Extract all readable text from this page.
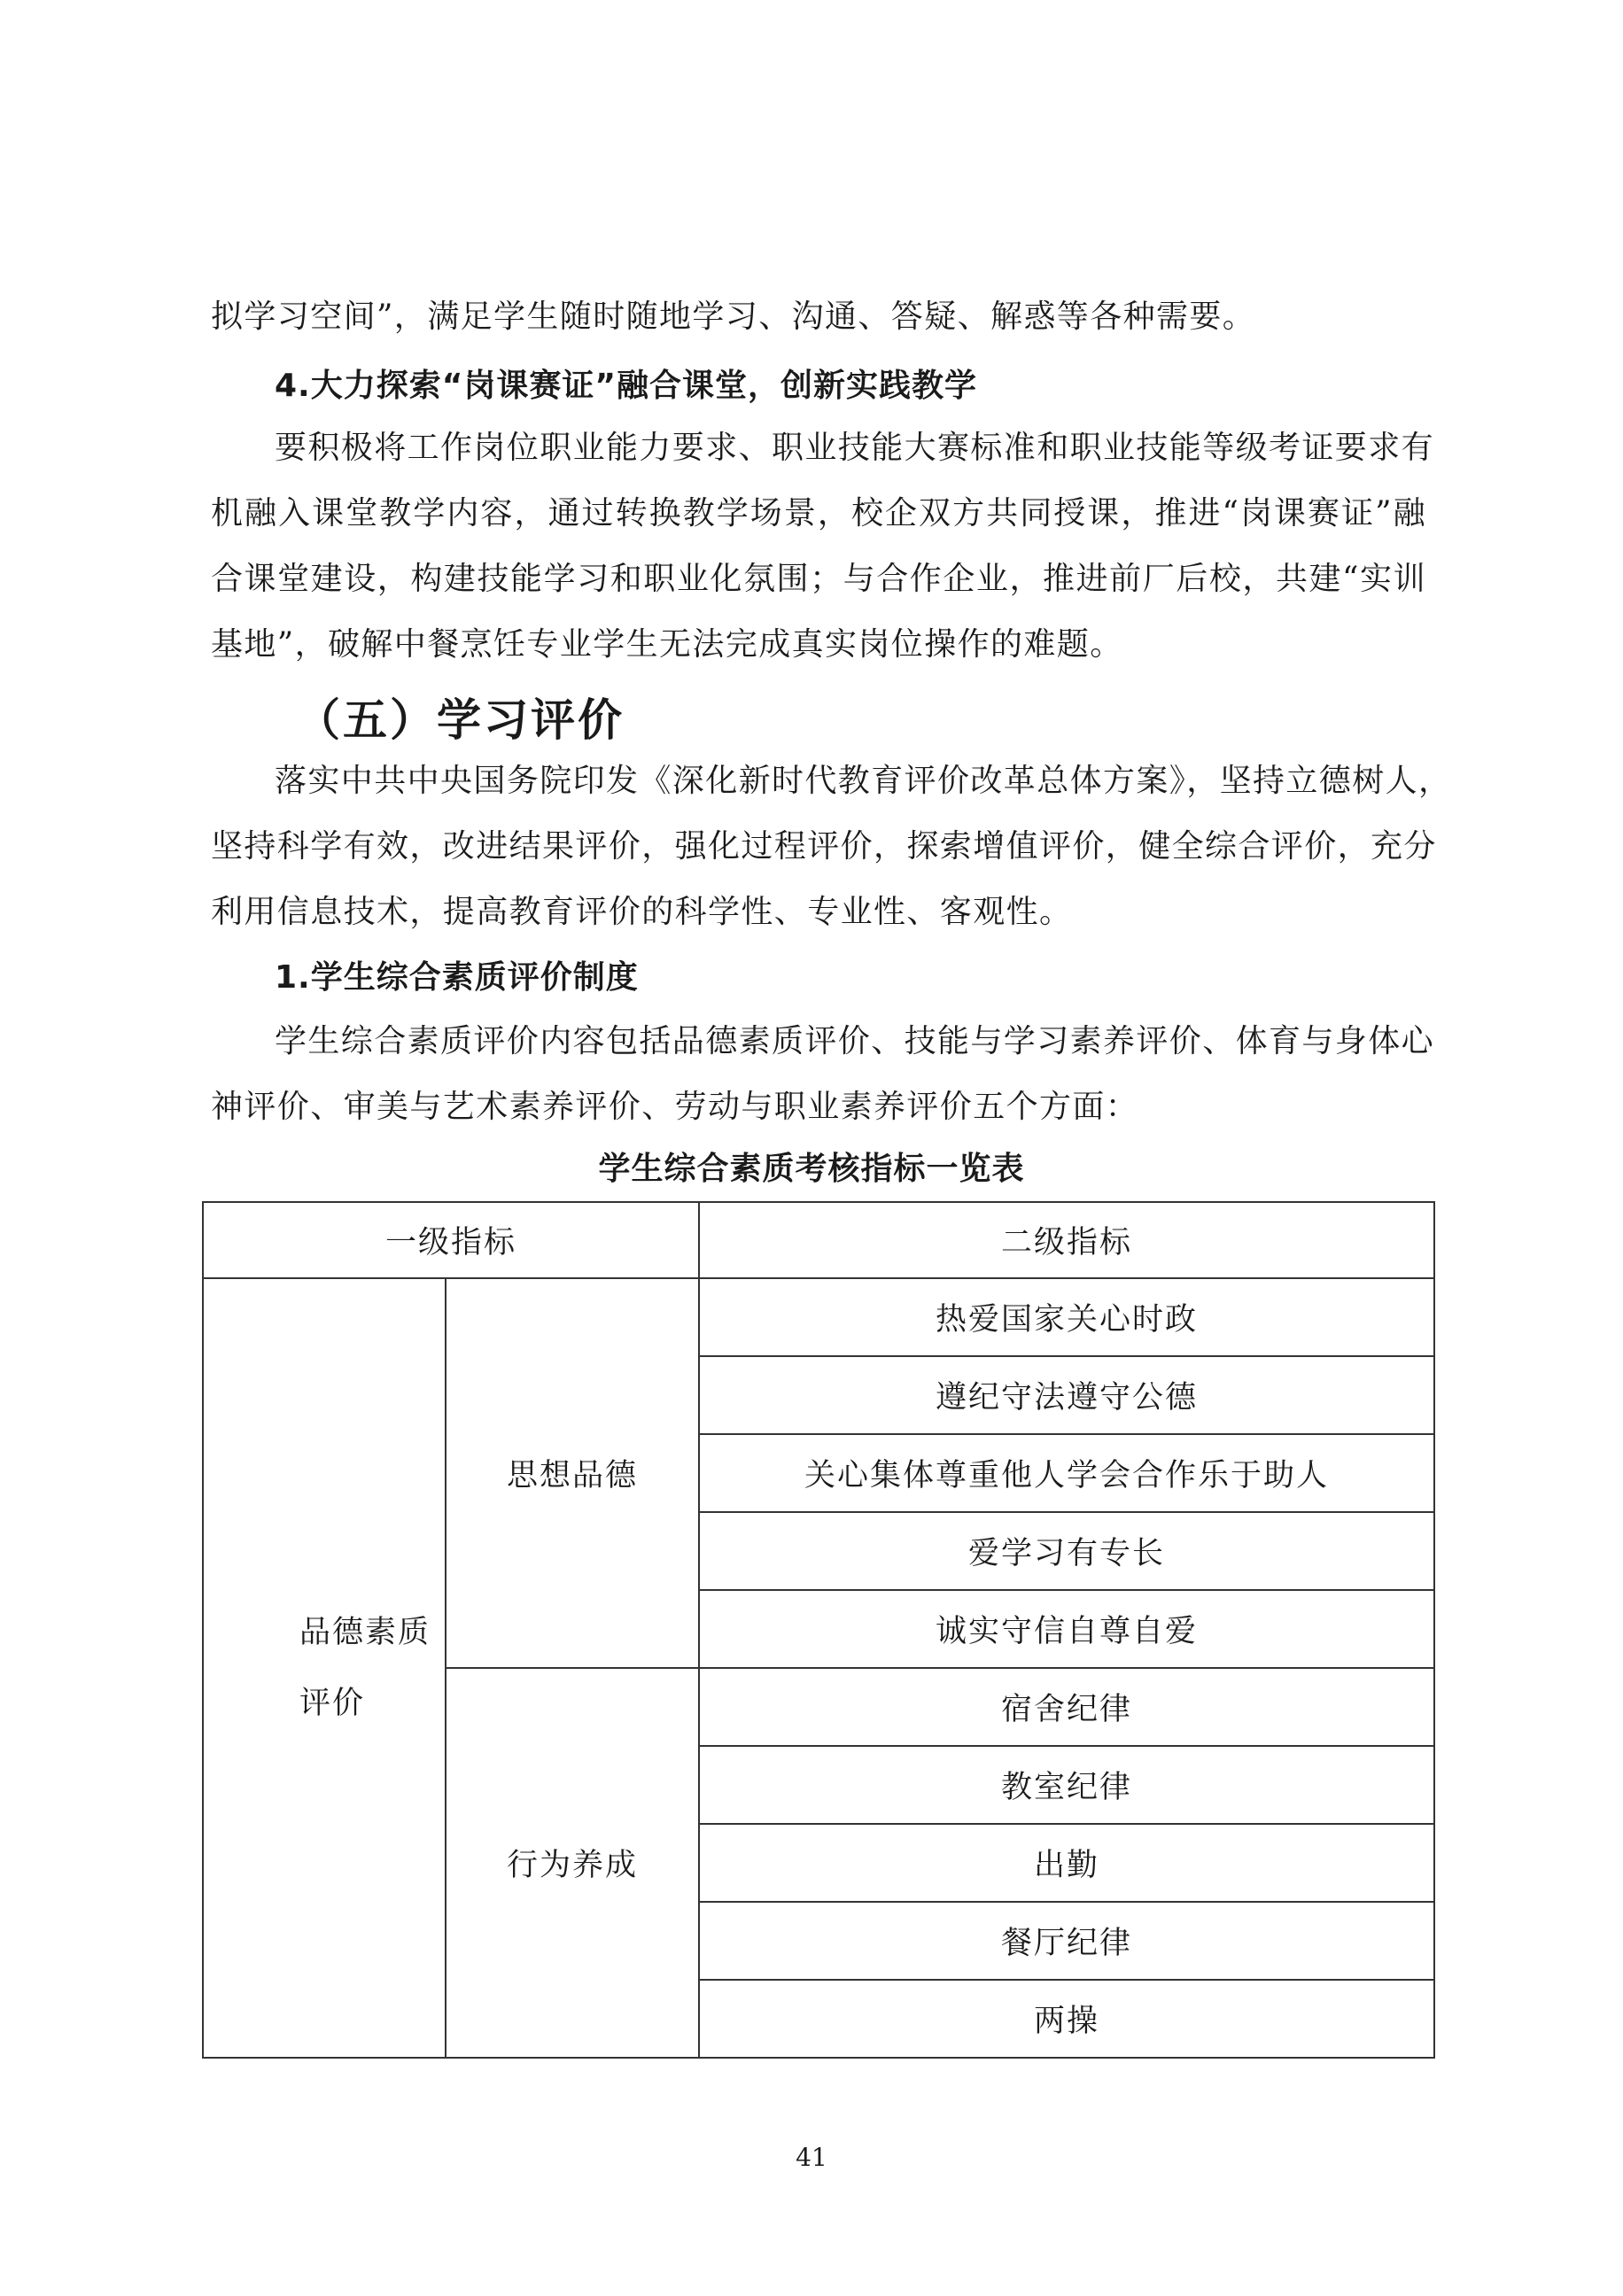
拟学习空间”，满足学生随时随地学习、沟通、答疑、解惑等各种需要。
4.大力探索“岗课赛证”融合课堂，创新实践教学
要积极将工作岗位职业能力要求、职业技能大赛标准和职业技能等级考证要求有
机融入课堂教学内容，通过转换教学场景，校企双方共同授课，推进“岗课赛证”融
合课堂建设，构建技能学习和职业化氛围；与合作企业，推进前厂后校，共建“实训
基地”，破解中餐烹饪专业学生无法完成真实岗位操作的难题。
（五）学习评价
落实中共中央国务院印发《深化新时代教育评价改革总体方案》，坚持立德树人，
坚持科学有效，改进结果评价，强化过程评价，探索增值评价，健全综合评价，充分
利用信息技术，提高教育评价的科学性、专业性、客观性。
1.学生综合素质评价制度
学生综合素质评价内容包括品德素质评价、技能与学习素养评价、体育与身体心
神评价、审美与艺术素养评价、劳动与职业素养评价五个方面：
学生综合素质考核指标一览表
一级指标		二级指标
品德素质
评价	思想品德	热爱国家关心时政
		遵纪守法遵守公德
		关心集体尊重他人学会合作乐于助人
		爱学习有专长
		诚实守信自尊自爱
	行为养成	宿舍纪律
		教室纪律
		出勤
		餐厅纪律
		两操
41
